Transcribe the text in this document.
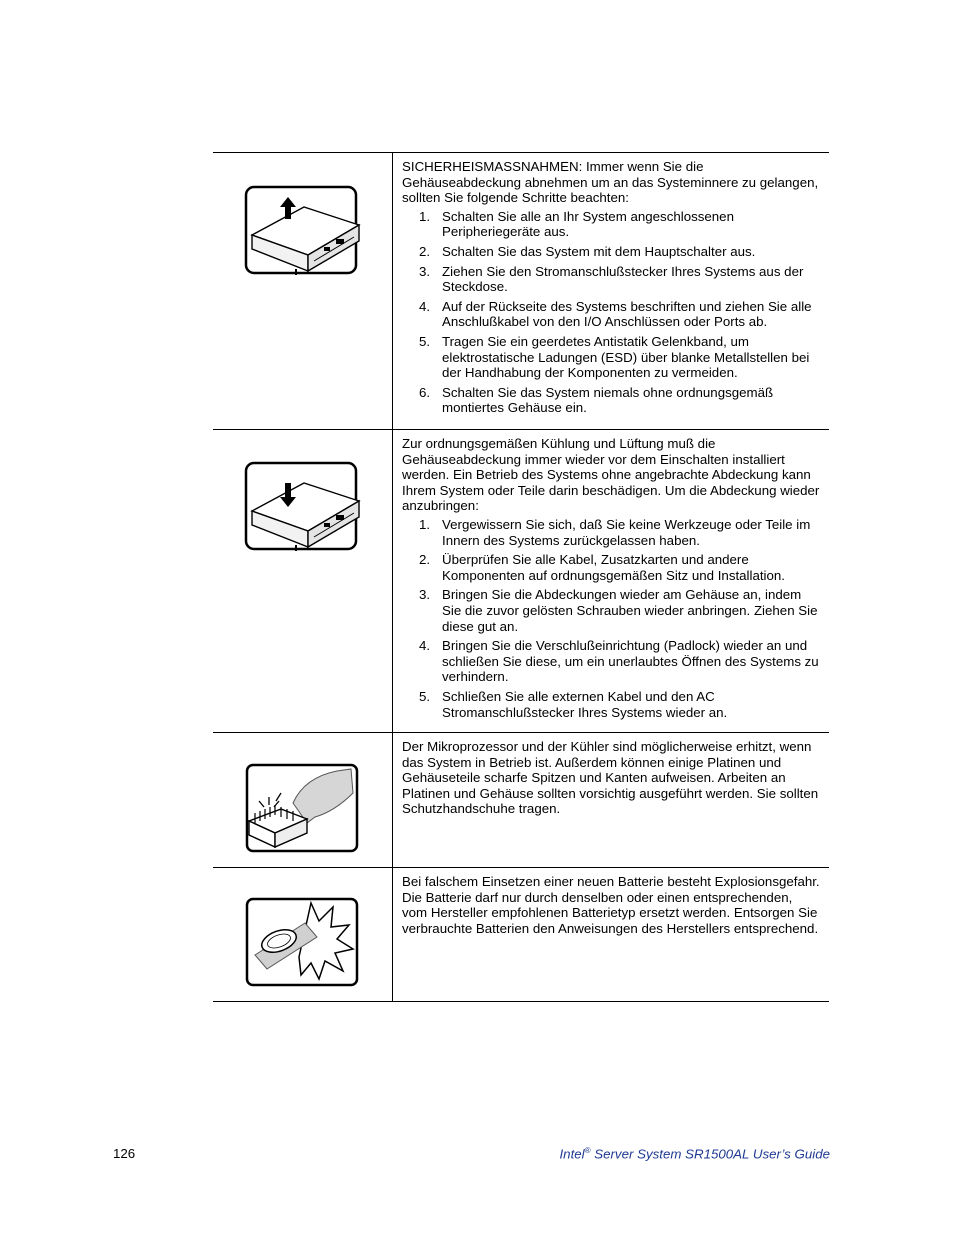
SICHERHEISMASSNAHMEN: Immer wenn Sie die Gehäuseabdeckung abnehmen um an das Systeminnere zu gelangen, sollten Sie folgende Schritte beachten:

1. Schalten Sie alle an Ihr System angeschlossenen Peripheriegeräte aus.
2. Schalten Sie das System mit dem Hauptschalter aus.
3. Ziehen Sie den Stromanschlußstecker Ihres Systems aus der Steckdose.
4. Auf der Rückseite des Systems beschriften und ziehen Sie alle Anschlußkabel von den I/O Anschlüssen oder Ports ab.
5. Tragen Sie ein geerdetes Antistatik Gelenkband, um elektrostatische Ladungen (ESD) über blanke Metallstellen bei der Handhabung der Komponenten zu vermeiden.
6. Schalten Sie das System niemals ohne ordnungsgemäß montiertes Gehäuse ein.

Zur ordnungsgemäßen Kühlung und Lüftung muß die Gehäuseabdeckung immer wieder vor dem Einschalten installiert werden. Ein Betrieb des Systems ohne angebrachte Abdeckung kann Ihrem System oder Teile darin beschädigen. Um die Abdeckung wieder anzubringen:

1. Vergewissern Sie sich, daß Sie keine Werkzeuge oder Teile im Innern des Systems zurückgelassen haben.
2. Überprüfen Sie alle Kabel, Zusatzkarten und andere Komponenten auf ordnungsgemäßen Sitz und Installation.
3. Bringen Sie die Abdeckungen wieder am Gehäuse an, indem Sie die zuvor gelösten Schrauben wieder anbringen. Ziehen Sie diese gut an.
4. Bringen Sie die Verschlußeinrichtung (Padlock) wieder an und schließen Sie diese, um ein unerlaubtes Öffnen des Systems zu verhindern.
5. Schließen Sie alle externen Kabel und den AC Stromanschlußstecker Ihres Systems wieder an.

Der Mikroprozessor und der Kühler sind möglicherweise erhitzt, wenn das System in Betrieb ist. Außerdem können einige Platinen und Gehäuseteile scharfe Spitzen und Kanten aufweisen. Arbeiten an Platinen und Gehäuse sollten vorsichtig ausgeführt werden. Sie sollten Schutzhandschuhe tragen.

Bei falschem Einsetzen einer neuen Batterie besteht Explosionsgefahr. Die Batterie darf nur durch denselben oder einen entsprechenden, vom Hersteller empfohlenen Batterietyp ersetzt werden. Entsorgen Sie verbrauchte Batterien den Anweisungen des Herstellers entsprechend.

126	Intel® Server System SR1500AL User’s Guide
